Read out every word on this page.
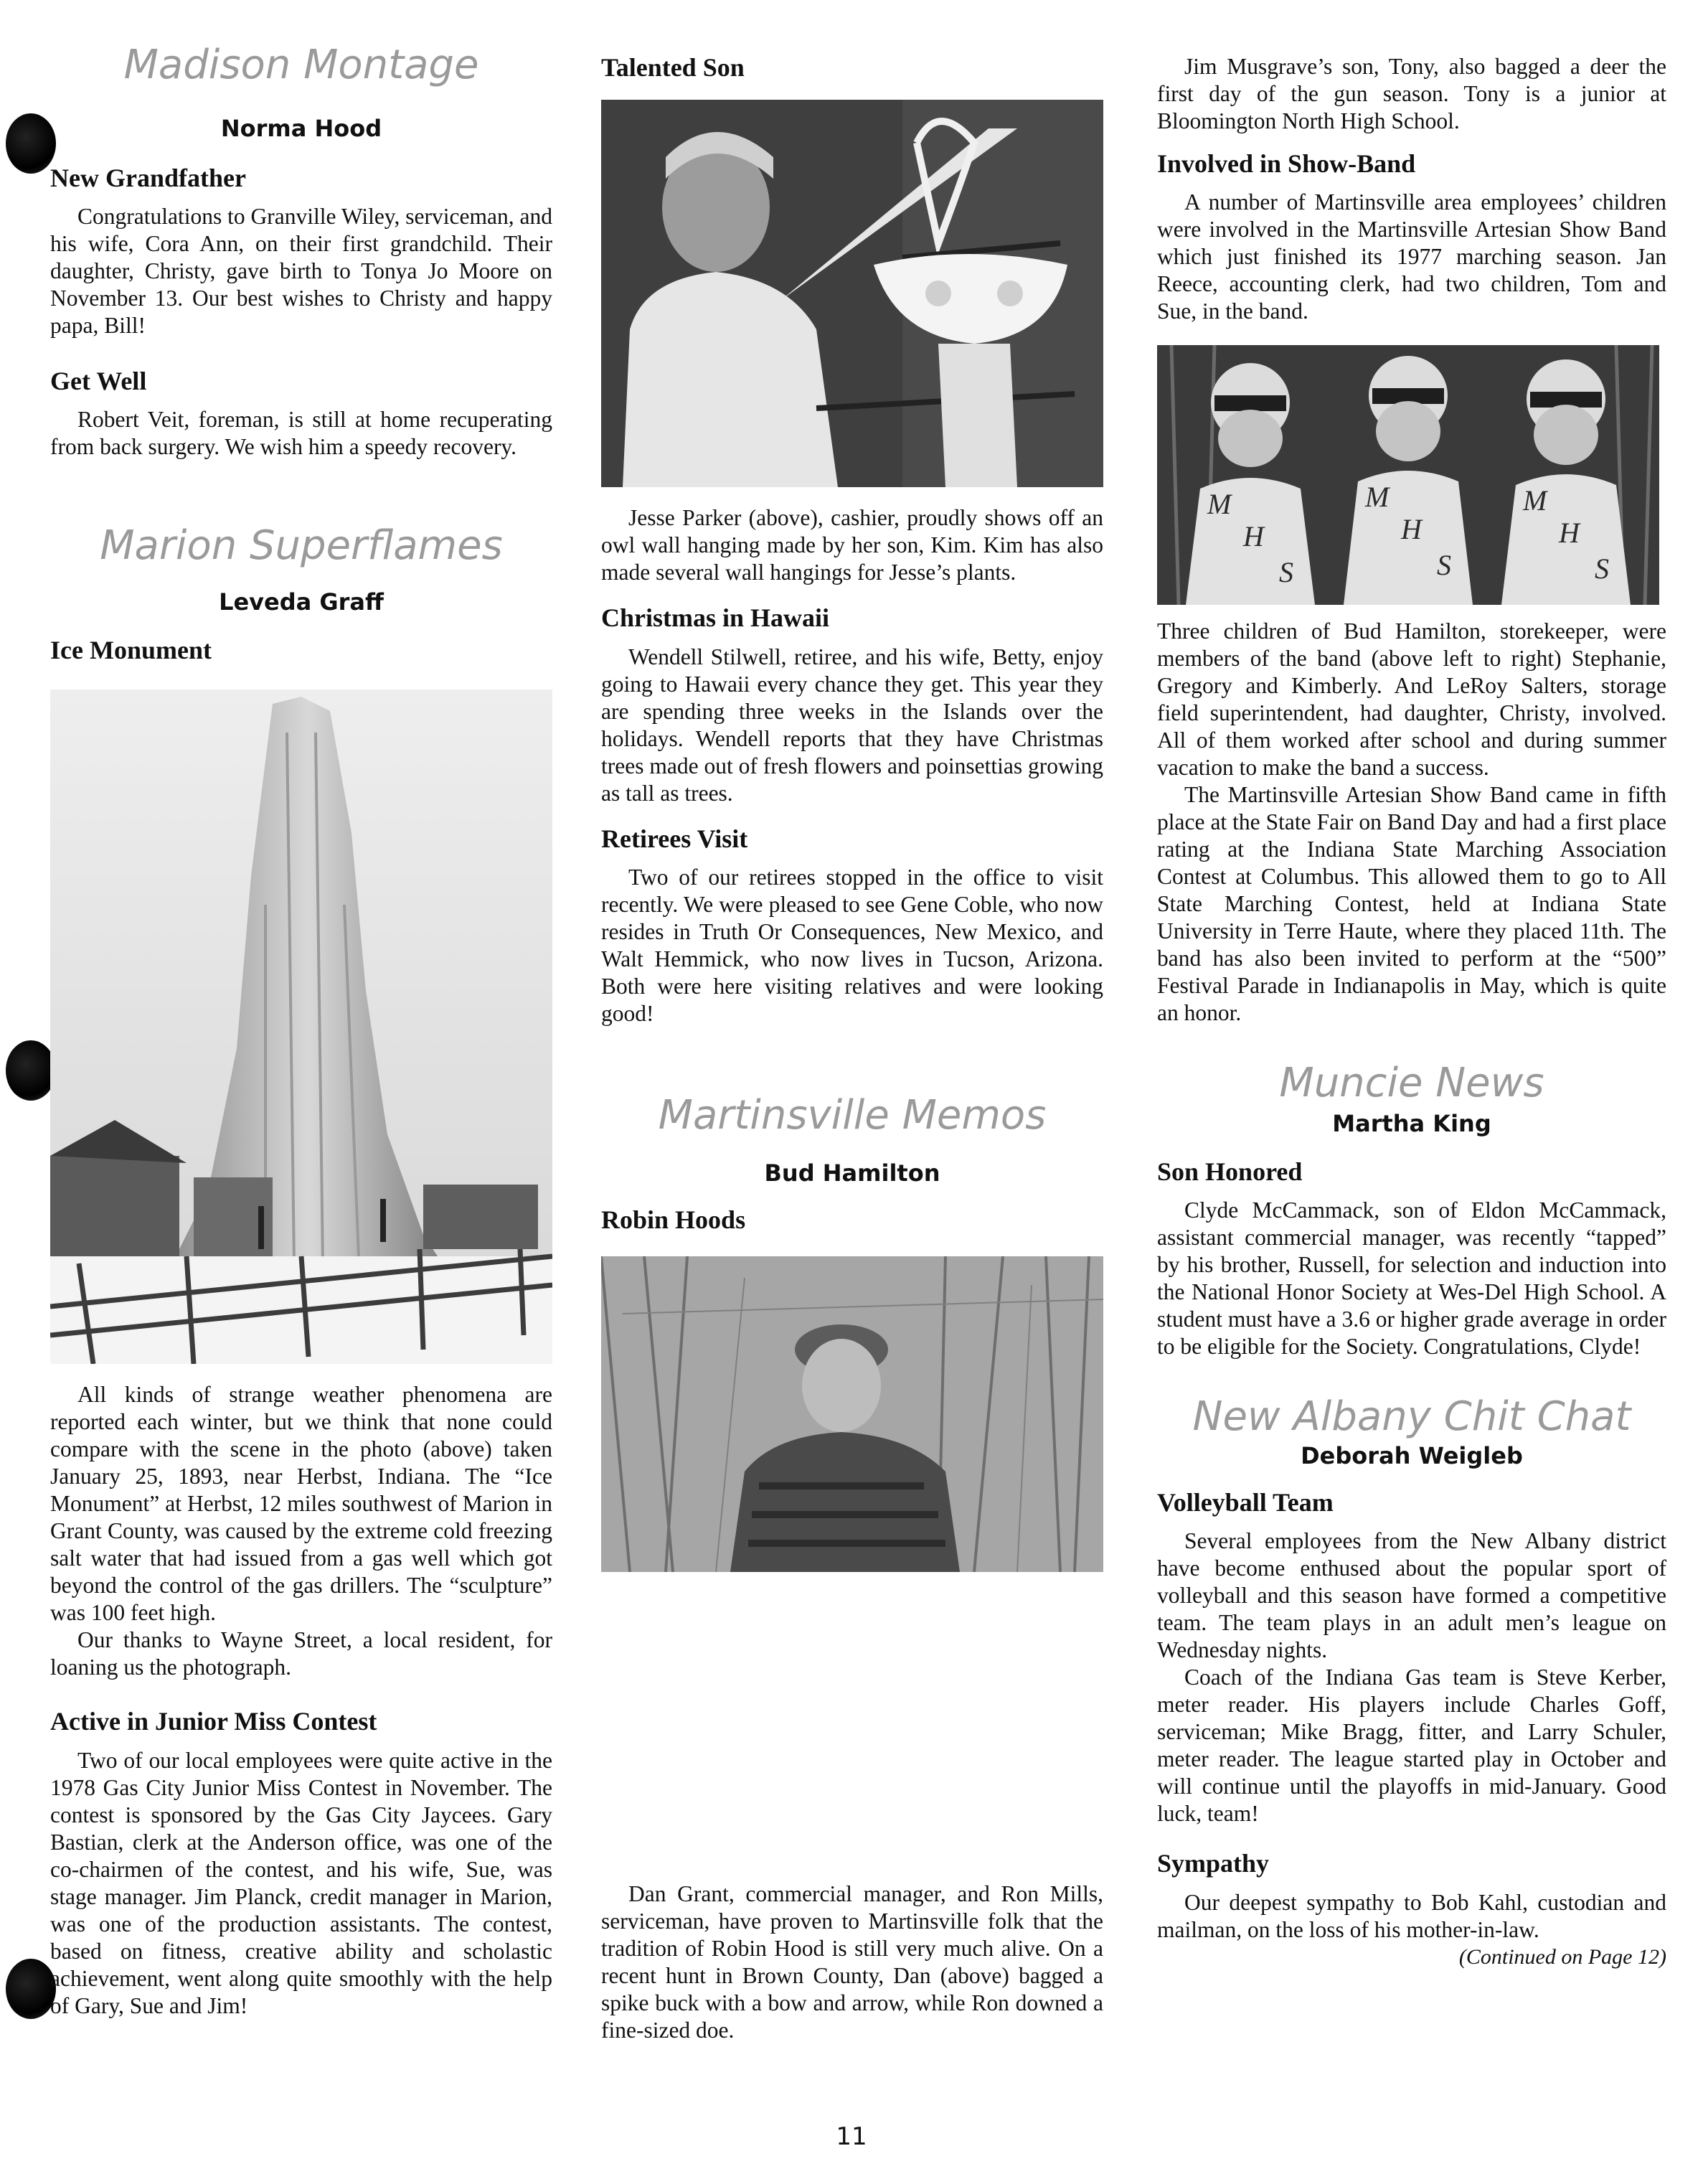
Madison Montage

Norma Hood

New Grandfather

Congratulations to Granville Wiley, serviceman, and his wife, Cora Ann, on their first grandchild. Their daughter, Christy, gave birth to Tonya Jo Moore on November 13. Our best wishes to Christy and happy papa, Bill!

Get Well

Robert Veit, foreman, is still at home recuperating from back surgery. We wish him a speedy recovery.

Marion Superflames

Leveda Graff

Ice Monument

All kinds of strange weather phenomena are reported each winter, but we think that none could compare with the scene in the photo (above) taken January 25, 1893, near Herbst, Indiana. The “Ice Monument” at Herbst, 12 miles southwest of Marion in Grant County, was caused by the extreme cold freezing salt water that had issued from a gas well which got beyond the control of the gas drillers. The “sculpture” was 100 feet high.

Our thanks to Wayne Street, a local resident, for loaning us the photograph.

Active in Junior Miss Contest

Two of our local employees were quite active in the 1978 Gas City Junior Miss Contest in November. The contest is sponsored by the Gas City Jaycees. Gary Bastian, clerk at the Anderson office, was one of the co-chairmen of the contest, and his wife, Sue, was stage manager. Jim Planck, credit manager in Marion, was one of the production assistants. The contest, based on fitness, creative ability and scholastic achievement, went along quite smoothly with the help of Gary, Sue and Jim!

Talented Son

Jesse Parker (above), cashier, proudly shows off an owl wall hanging made by her son, Kim. Kim has also made several wall hangings for Jesse’s plants.

Christmas in Hawaii

Wendell Stilwell, retiree, and his wife, Betty, enjoy going to Hawaii every chance they get. This year they are spending three weeks in the Islands over the holidays. Wendell reports that they have Christmas trees made out of fresh flowers and poinsettias growing as tall as trees.

Retirees Visit

Two of our retirees stopped in the office to visit recently. We were pleased to see Gene Coble, who now resides in Truth Or Consequences, New Mexico, and Walt Hemmick, who now lives in Tucson, Arizona. Both were here visiting relatives and were looking good!

Martinsville Memos

Bud Hamilton

Robin Hoods

Dan Grant, commercial manager, and Ron Mills, serviceman, have proven to Martinsville folk that the tradition of Robin Hood is still very much alive. On a recent hunt in Brown County, Dan (above) bagged a spike buck with a bow and arrow, while Ron downed a fine-sized doe.

Jim Musgrave’s son, Tony, also bagged a deer the first day of the gun season. Tony is a junior at Bloomington North High School.

Involved in Show-Band

A number of Martinsville area employees’ children were involved in the Martinsville Artesian Show Band which just finished its 1977 marching season. Jan Reece, accounting clerk, had two children, Tom and Sue, in the band.

M
H
S
M
H
S
M
H
S

Three children of Bud Hamilton, storekeeper, were members of the band (above left to right) Stephanie, Gregory and Kimberly. And LeRoy Salters, storage field superintendent, had daughter, Christy, involved. All of them worked after school and during summer vacation to make the band a success.

The Martinsville Artesian Show Band came in fifth place at the State Fair on Band Day and had a first place rating at the Indiana State Marching Association Contest at Columbus. This allowed them to go to All State Marching Contest, held at Indiana State University in Terre Haute, where they placed 11th. The band has also been invited to perform at the “500” Festival Parade in Indianapolis in May, which is quite an honor.

Muncie News

Martha King

Son Honored

Clyde McCammack, son of Eldon McCammack, assistant commercial manager, was recently “tapped” by his brother, Russell, for selection and induction into the National Honor Society at Wes-Del High School. A student must have a 3.6 or higher grade average in order to be eligible for the Society. Congratulations, Clyde!

New Albany Chit Chat

Deborah Weigleb

Volleyball Team

Several employees from the New Albany district have become enthused about the popular sport of volleyball and this season have formed a competitive team. The team plays in an adult men’s league on Wednesday nights.

Coach of the Indiana Gas team is Steve Kerber, meter reader. His players include Charles Goff, serviceman; Mike Bragg, fitter, and Larry Schuler, meter reader. The league started play in October and will continue until the playoffs in mid-January. Good luck, team!

Sympathy

Our deepest sympathy to Bob Kahl, custodian and mailman, on the loss of his mother-in-law.

(Continued on Page 12)

11
